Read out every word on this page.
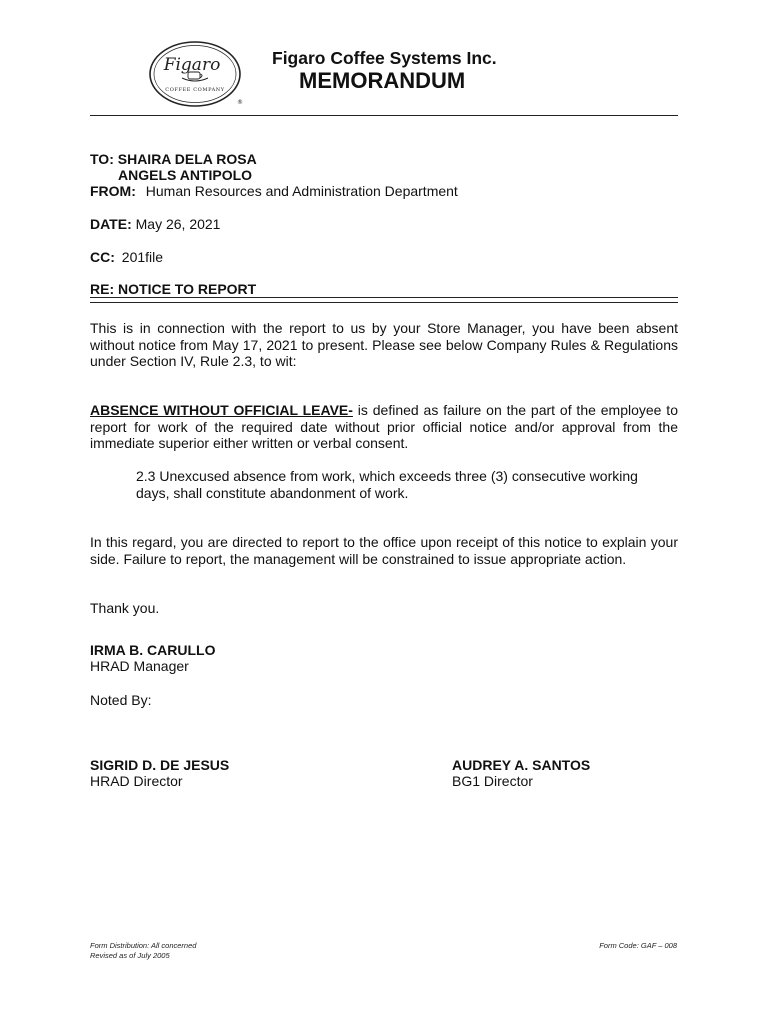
Figaro
COFFEE COMPANY
®
Figaro Coffee Systems Inc.
MEMORANDUM
TO: SHAIRA DELA ROSA
ANGELS ANTIPOLO
FROM: Human Resources and Administration Department
DATE: May 26, 2021
CC: 201file
RE: NOTICE TO REPORT
This is in connection with the report to us by your Store Manager, you have been absent without notice from May 17, 2021 to present. Please see below Company Rules & Regulations under Section IV, Rule 2.3, to wit:
ABSENCE WITHOUT OFFICIAL LEAVE- is defined as failure on the part of the employee to report for work of the required date without prior official notice and/or approval from the immediate superior either written or verbal consent.
2.3 Unexcused absence from work, which exceeds three (3) consecutive working
days, shall constitute abandonment of work.
In this regard, you are directed to report to the office upon receipt of this notice to explain your side. Failure to report, the management will be constrained to issue appropriate action.
Thank you.
IRMA B. CARULLO
HRAD Manager
Noted By:
SIGRID D. DE JESUS
HRAD Director
AUDREY A. SANTOS
BG1 Director
Form Distribution: All concerned
Revised as of July 2005
Form Code: GAF – 008
